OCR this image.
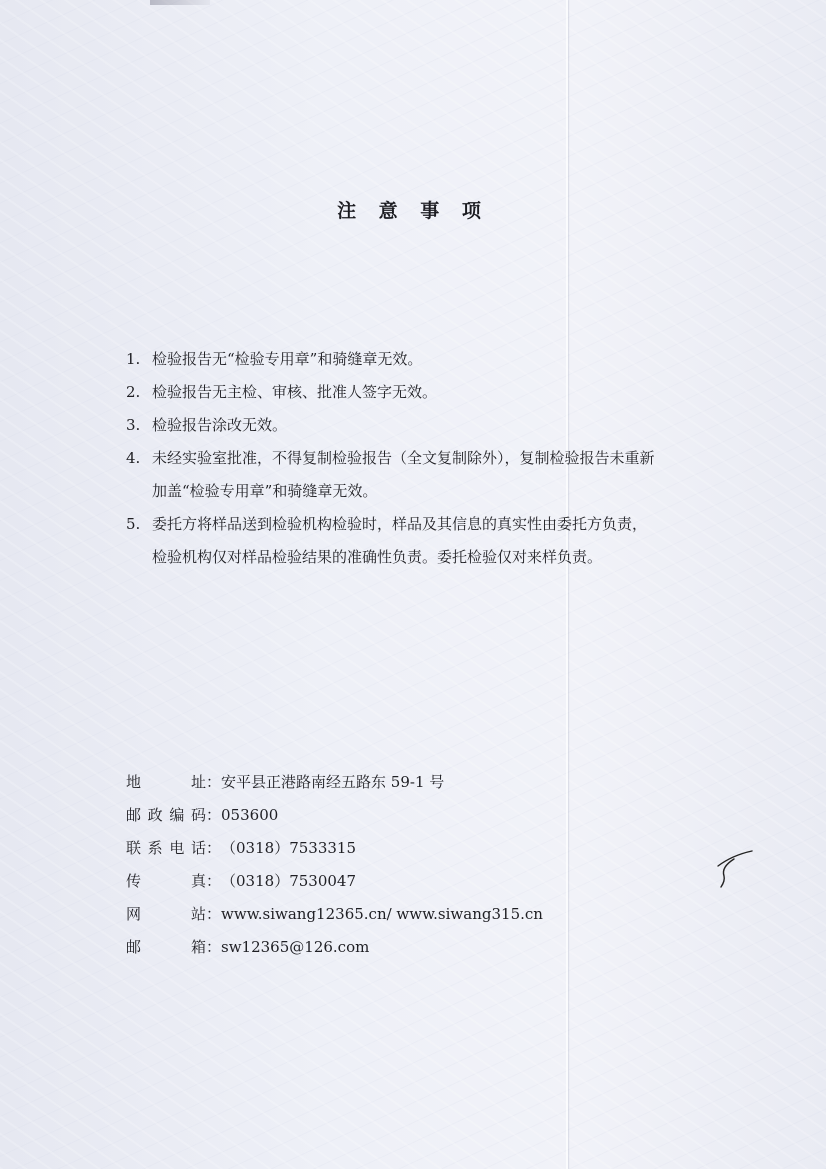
注 意 事 项
1. 检验报告无“检验专用章”和骑缝章无效。
2. 检验报告无主检、审核、批准人签字无效。
3. 检验报告涂改无效。
4. 未经实验室批准，不得复制检验报告（全文复制除外），复制检验报告未重新
加盖“检验专用章”和骑缝章无效。
5. 委托方将样品送到检验机构检验时，样品及其信息的真实性由委托方负责，
检验机构仅对样品检验结果的准确性负责。委托检验仅对来样负责。
地址：安平县正港路南经五路东 59-1 号
邮政编码：053600
联系电话：（0318）7533315
传真：（0318）7530047
网站：www.siwang12365.cn/ www.siwang315.cn
邮箱：sw12365@126.com
